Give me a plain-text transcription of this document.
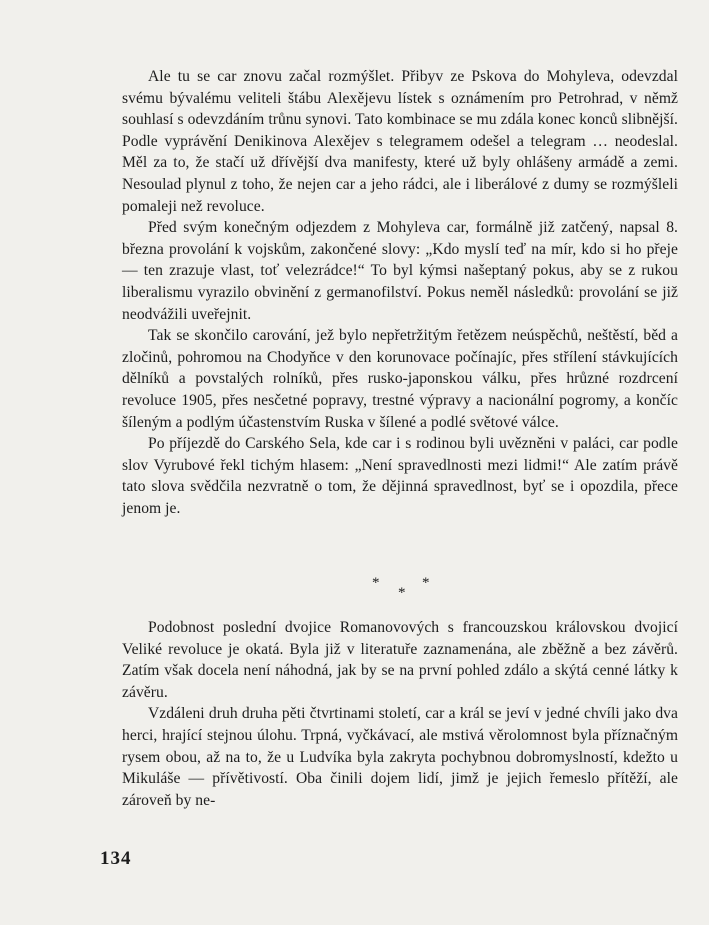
Ale tu se car znovu začal rozmýšlet. Přibyv ze Pskova do Mohyleva, odevzdal svému bývalému veliteli štábu Alexějevu lístek s oznámením pro Petrohrad, v němž souhlasí s odevzdáním trůnu synovi. Tato kombinace se mu zdála konec konců slibnější. Podle vyprávění Denikinova Alexějev s telegramem odešel a telegram … neodeslal. Měl za to, že stačí už dřívější dva manifesty, které už byly ohlášeny armádě a zemi. Nesoulad plynul z toho, že nejen car a jeho rádci, ale i liberálové z dumy se rozmýšleli pomaleji než revoluce.

Před svým konečným odjezdem z Mohyleva car, formálně již zatčený, napsal 8. března provolání k vojskům, zakončené slovy: „Kdo myslí teď na mír, kdo si ho přeje — ten zrazuje vlast, toť velezrádce!“ To byl kýmsi našeptaný pokus, aby se z rukou liberalismu vyrazilo obvinění z germanofilství. Pokus neměl následků: provolání se již neodvážili uveřejnit.

Tak se skončilo carování, jež bylo nepřetržitým řetězem neúspěchů, neštěstí, běd a zločinů, pohromou na Chodyňce v den korunovace počínajíc, přes střílení stávkujících dělníků a povstalých rolníků, přes rusko-japonskou válku, přes hrůzné rozdrcení revoluce 1905, přes nesčetné popravy, trestné výpravy a nacionální pogromy, a končíc šíleným a podlým účastenstvím Ruska v šílené a podlé světové válce.

Po příjezdě do Carského Sela, kde car i s rodinou byli uvězněni v paláci, car podle slov Vyrubové řekl tichým hlasem: „Není spravedlnosti mezi lidmi!“ Ale zatím právě tato slova svědčila nezvratně o tom, že dějinná spravedlnost, byť se i opozdila, přece jenom je.

*	*
*

Podobnost poslední dvojice Romanovových s francouzskou královskou dvojicí Veliké revoluce je okatá. Byla již v literatuře zaznamenána, ale zběžně a bez závěrů. Zatím však docela není náhodná, jak by se na první pohled zdálo a skýtá cenné látky k závěru.

Vzdáleni druh druha pěti čtvrtinami století, car a král se jeví v jedné chvíli jako dva herci, hrající stejnou úlohu. Trpná, vyčkávací, ale mstivá věrolomnost byla příznačným rysem obou, až na to, že u Ludvíka byla zakryta pochybnou dobromyslností, kdežto u Mikuláše — přívětivostí. Oba činili dojem lidí, jimž je jejich řemeslo přítěží, ale zároveň by ne-

134
